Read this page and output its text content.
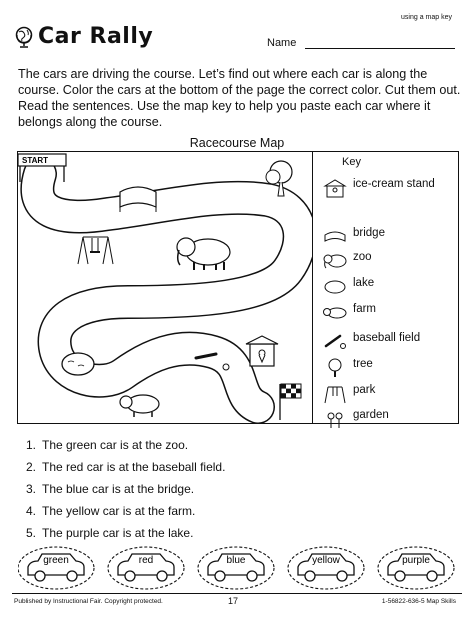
using a map key
Car Rally	Name
The cars are driving the course. Let’s find out where each car is along the course. Color the cars at the bottom of the page the correct color. Cut them out. Read the sentences. Use the map key to help you paste each car where it belongs along the course.
Racecourse Map
START	Key
ice-cream stand
bridge
zoo
lake
farm
baseball field
tree
park
garden
1. The green car is at the zoo.
2. The red car is at the baseball field.
3. The blue car is at the bridge.
4. The yellow car is at the farm.
5. The purple car is at the lake.
green	red	blue	yellow	purple
Published by Instructional Fair. Copyright protected.	17	1-56822-636-5 Map Skills
